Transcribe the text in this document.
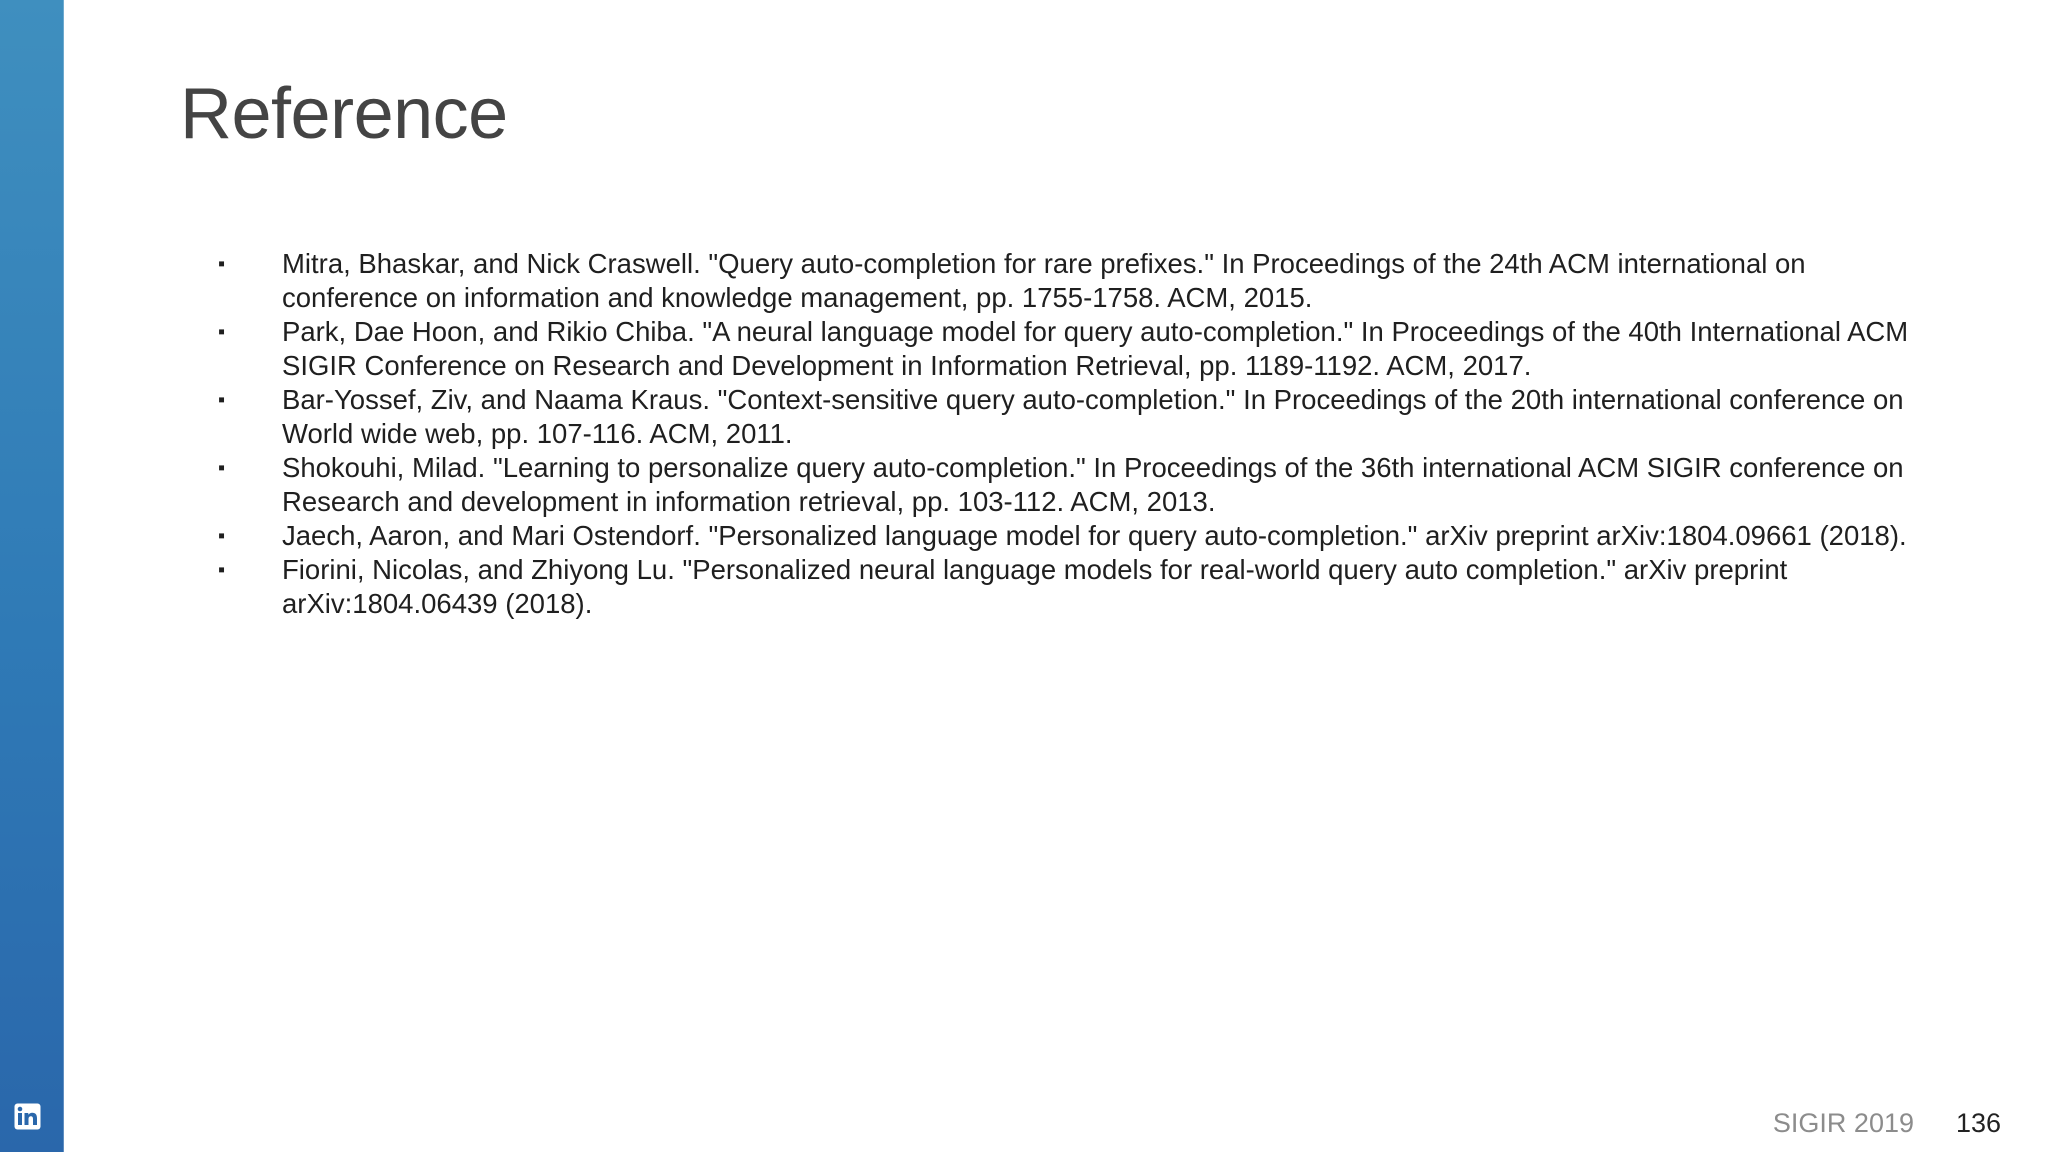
Reference
▪ Mitra, Bhaskar, and Nick Craswell. "Query auto-completion for rare prefixes." In Proceedings of the 24th ACM international on conference on information and knowledge management, pp. 1755-1758. ACM, 2015.
▪ Park, Dae Hoon, and Rikio Chiba. "A neural language model for query auto-completion." In Proceedings of the 40th International ACM SIGIR Conference on Research and Development in Information Retrieval, pp. 1189-1192. ACM, 2017.
▪ Bar-Yossef, Ziv, and Naama Kraus. "Context-sensitive query auto-completion." In Proceedings of the 20th international conference on World wide web, pp. 107-116. ACM, 2011.
▪ Shokouhi, Milad. "Learning to personalize query auto-completion." In Proceedings of the 36th international ACM SIGIR conference on Research and development in information retrieval, pp. 103-112. ACM, 2013.
▪ Jaech, Aaron, and Mari Ostendorf. "Personalized language model for query auto-completion." arXiv preprint arXiv:1804.09661 (2018).
▪ Fiorini, Nicolas, and Zhiyong Lu. "Personalized neural language models for real-world query auto completion." arXiv preprint arXiv:1804.06439 (2018).
SIGIR 2019 136
